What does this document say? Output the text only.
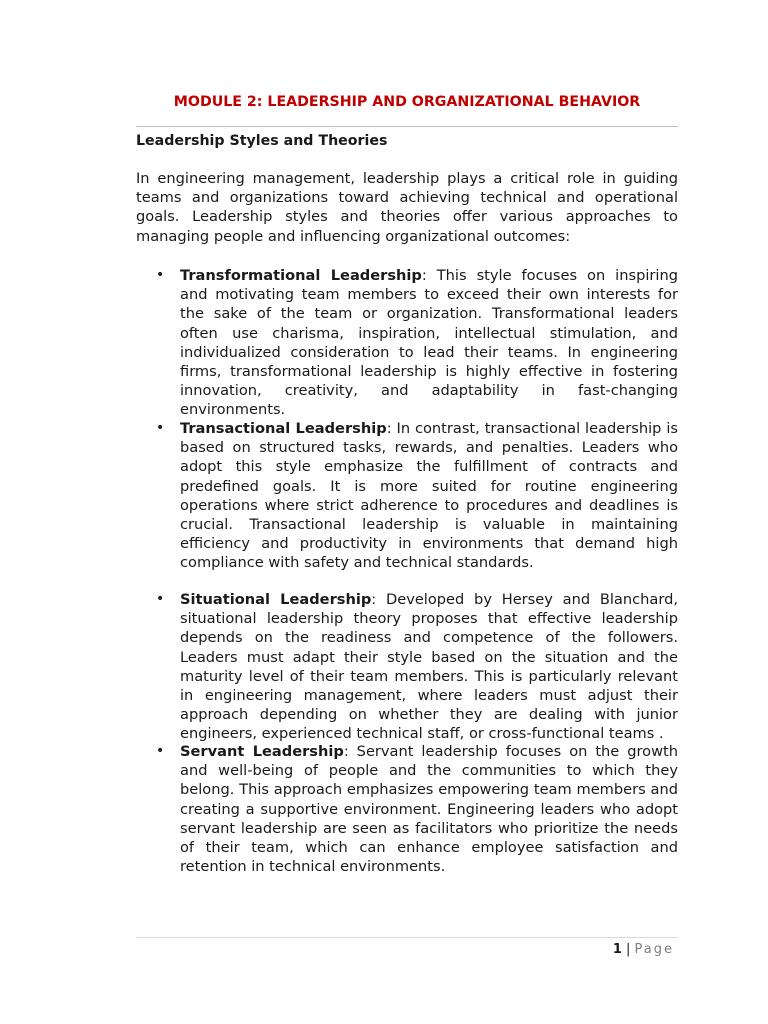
MODULE 2: LEADERSHIP AND ORGANIZATIONAL BEHAVIOR
Leadership Styles and Theories
In engineering management, leadership plays a critical role in guiding teams and organizations toward achieving technical and operational goals. Leadership styles and theories offer various approaches to managing people and influencing organizational outcomes:
• Transformational Leadership: This style focuses on inspiring and motivating team members to exceed their own interests for the sake of the team or organization. Transformational leaders often use charisma, inspiration, intellectual stimulation, and individualized consideration to lead their teams. In engineering firms, transformational leadership is highly effective in fostering innovation, creativity, and adaptability in fast-changing environments.
• Transactional Leadership: In contrast, transactional leadership is based on structured tasks, rewards, and penalties. Leaders who adopt this style emphasize the fulfillment of contracts and predefined goals. It is more suited for routine engineering operations where strict adherence to procedures and deadlines is crucial. Transactional leadership is valuable in maintaining efficiency and productivity in environments that demand high compliance with safety and technical standards.
• Situational Leadership: Developed by Hersey and Blanchard, situational leadership theory proposes that effective leadership depends on the readiness and competence of the followers. Leaders must adapt their style based on the situation and the maturity level of their team members. This is particularly relevant in engineering management, where leaders must adjust their approach depending on whether they are dealing with junior engineers, experienced technical staff, or cross-functional teams .
• Servant Leadership: Servant leadership focuses on the growth and well-being of people and the communities to which they belong. This approach emphasizes empowering team members and creating a supportive environment. Engineering leaders who adopt servant leadership are seen as facilitators who prioritize the needs of their team, which can enhance employee satisfaction and retention in technical environments.
1 | Page
